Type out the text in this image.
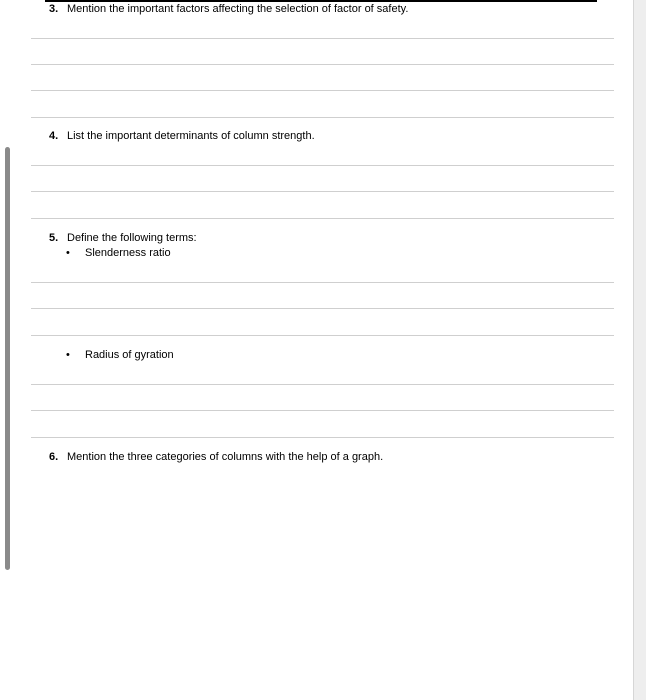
3. Mention the important factors affecting the selection of factor of safety.
4. List the important determinants of column strength.
5. Define the following terms:
• Slenderness ratio
• Radius of gyration
6. Mention the three categories of columns with the help of a graph.
